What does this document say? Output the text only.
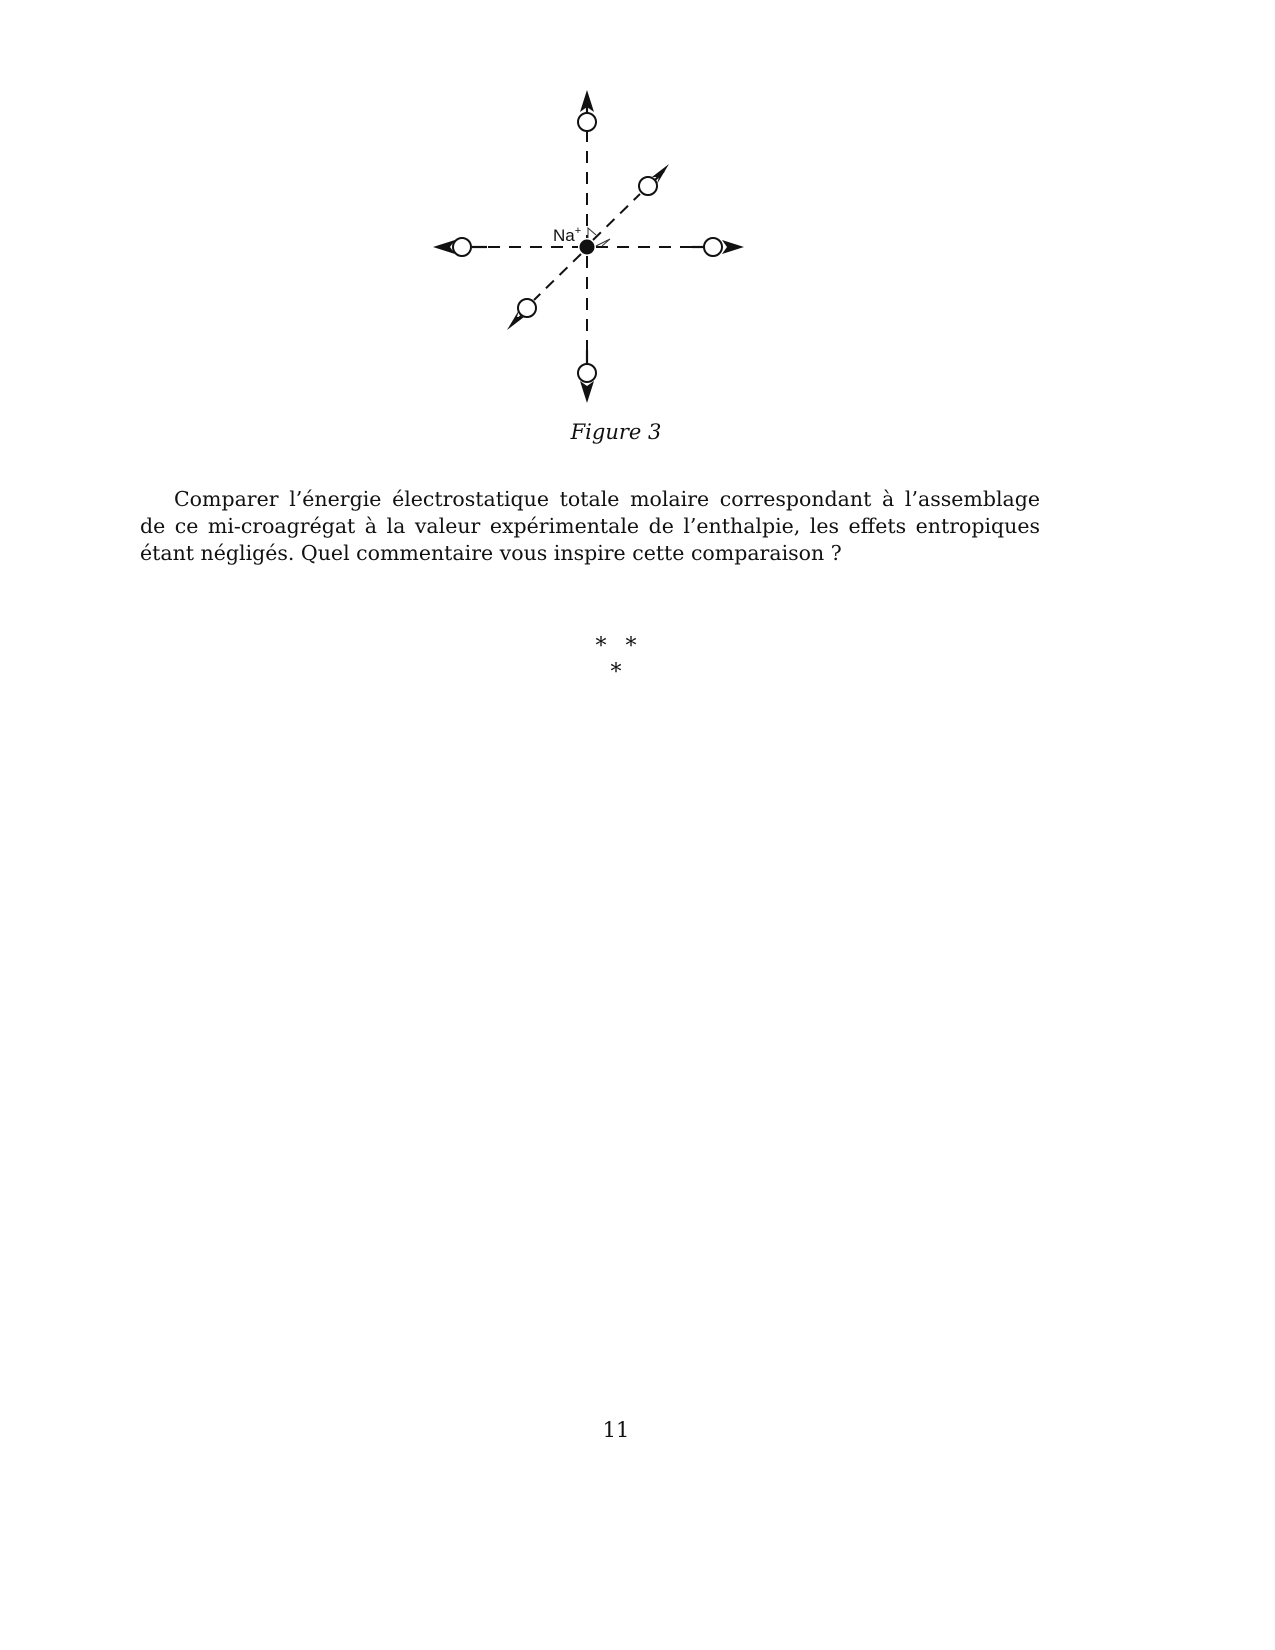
Na+
Figure 3
Comparer l’énergie électrostatique totale molaire correspondant à l’assemblage de ce mi-croagrégat à la valeur expérimentale de l’enthalpie, les effets entropiques étant négligés. Quel commentaire vous inspire cette comparaison ?
* *
*
11
